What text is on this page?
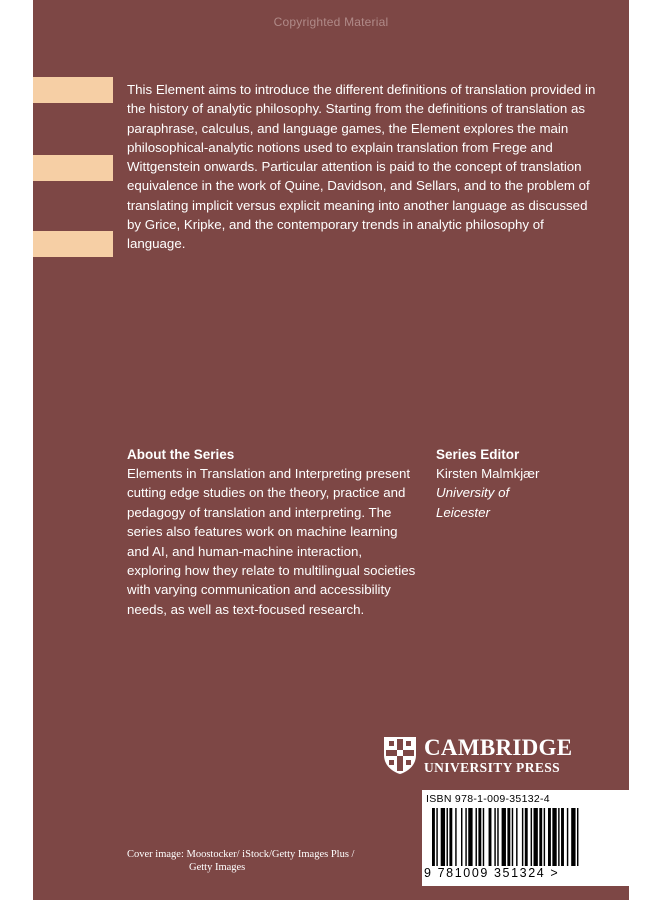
Copyrighted Material

This Element aims to introduce the different definitions of translation provided in the history of analytic philosophy. Starting from the definitions of translation as paraphrase, calculus, and language games, the Element explores the main philosophical-analytic notions used to explain translation from Frege and Wittgenstein onwards. Particular attention is paid to the concept of translation equivalence in the work of Quine, Davidson, and Sellars, and to the problem of translating implicit versus explicit meaning into another language as discussed by Grice, Kripke, and the contemporary trends in analytic philosophy of language.

About the Series

Elements in Translation and Interpreting present cutting edge studies on the theory, practice and pedagogy of translation and interpreting. The series also features work on machine learning and AI, and human-machine interaction, exploring how they relate to multilingual societies with varying communication and accessibility needs, as well as text-focused research.

Series Editor
Kirsten Malmkjær
University of
Leicester
CAMBRIDGE
UNIVERSITY PRESS
ISBN 978-1-009-35132-4
9 781009 351324 >
Cover image: Moostocker/ iStock/Getty Images Plus /
Getty Images
